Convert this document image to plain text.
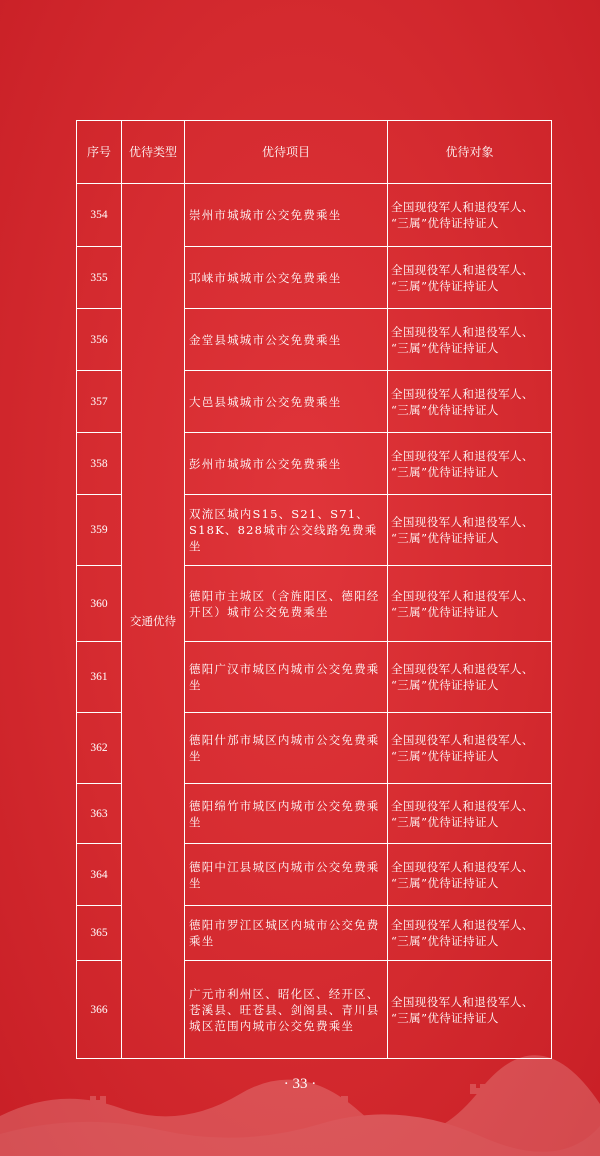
序号	优待类型	优待项目	优待对象
354	交通优待	崇州市城城市公交免费乘坐	全国现役军人和退役军人、
“三属”优待证持证人
355		邛崃市城城市公交免费乘坐	全国现役军人和退役军人、
“三属”优待证持证人
356		金堂县城城市公交免费乘坐	全国现役军人和退役军人、
“三属”优待证持证人
357		大邑县城城市公交免费乘坐	全国现役军人和退役军人、
“三属”优待证持证人
358		彭州市城城市公交免费乘坐	全国现役军人和退役军人、
“三属”优待证持证人
359		双流区城内S15、S21、S71、S18K、828城市公交线路免费乘坐	全国现役军人和退役军人、
“三属”优待证持证人
360		德阳市主城区（含旌阳区、德阳经开区）城市公交免费乘坐	全国现役军人和退役军人、
“三属”优待证持证人
361		德阳广汉市城区内城市公交免费乘坐	全国现役军人和退役军人、
“三属”优待证持证人
362		德阳什邡市城区内城市公交免费乘坐	全国现役军人和退役军人、
“三属”优待证持证人
363		德阳绵竹市城区内城市公交免费乘坐	全国现役军人和退役军人、
“三属”优待证持证人
364		德阳中江县城区内城市公交免费乘坐	全国现役军人和退役军人、
“三属”优待证持证人
365		德阳市罗江区城区内城市公交免费乘坐	全国现役军人和退役军人、
“三属”优待证持证人
366		广元市利州区、昭化区、经开区、苍溪县、旺苍县、剑阁县、青川县城区范围内城市公交免费乘坐	全国现役军人和退役军人、
“三属”优待证持证人
· 33 ·
